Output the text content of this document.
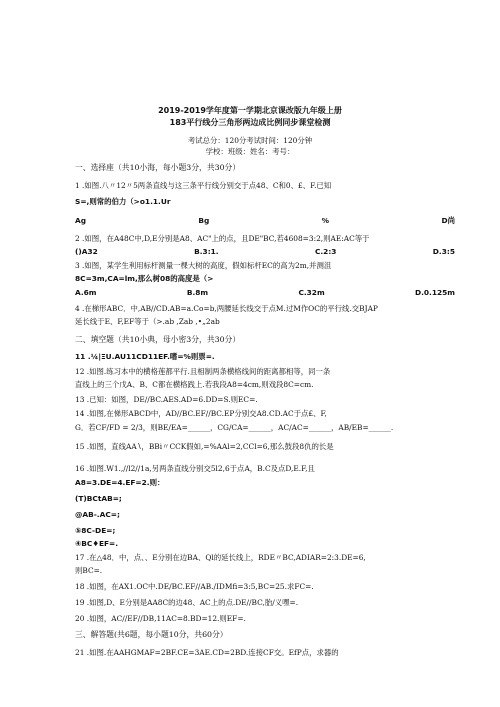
2019-2019学年度第一学期北京课改版九年级上册
183平行线分三角形两边成比例同步课堂检测
考试总分：120分考试时间：120分钟
学校：班级：姓名：考号：
一、选择座（共10小海，每小题3分，共30分）
1 .如图.八〃12〃5两条直线与这三条平行线分别交于点48、C和0、£、F.已知
S=,则常的伯力（>o1.1.Ur
Ag	Bg	%	D尚
2 .如图，在A48C中,D,E分别是A8、AC"上的点，且DE"BC,若4608=3:2,则AE:AC等于
()A32	B.3:1.	C.2:3	D.3:5
3 .如图，某学生利用标杆测量一棵大树的高度，假如标杆EC的高为2m,并测沮
8C=3m,CA=lm,那么树08的高度是（>
A.6m	B.8m	C.32m	D.0.125m
4 .在梯形ABC．中,AB//CD.AB=a.Co=b,两腰延长线交于点M.过M作OC的平行线.交BJAP
延长线于E、F,EF等于（>.ab ,Zab ,•„2ab
二、填空题（共10小典，母小密3分，共30分）
11 .¼|ΞU.AU11CD11EF.嗜=%则票=.
12 .如图.练习本中的横格莲都平行.且相制两条横格线间的距离都相等，同一条
直线上的三个戊A、B、C都在横格践上.若我段A8=4cm,则戏段8C=cm.
13 .已知：如图，DE//BC.AES.AD=6.DD=S.则EC=.
14 .如图,在悌形ABCD中，AD//BC.EF//BC.EP分别交A8.CD.AC于点£、F,
G．若CF/FD = 2/3，则BE/EA=______，CG/CA=______，AC/AC=______，AB/EB=______.
15 .如图，直线AA∖，BBi〃CCK假如,=%AAl=2,CCl=6,那么鼓段8仇的长是
16 .如图.W1.,//l2//1a,另两条直线分别交5l2,6于点A，B.C及点D,E.F,且
A8=3.DE=4.EF=2.则：
(T)BCtAB=;
@AB-.AC=;
⑤8C-DE=;
④BC♦EF=.
17 .在△48．中，点、、E分别在边BA、Ql的延长线上，RDE〃BC,ADIAR=2:3.DE=6,
则BC=.
18 .如图，在AX1.OC中.DE/BC.EF//AB./IDMfi=3:5,BC=25.求FC=.
19 .如图,D、E分别是AA8C的边48、AC上的点.DE//BC,胎/义嘿=.
20 .如图，AC//EF//DB,11AC=8.BD=12.则EF=.
三、解答题(共6题，每小题10分，共60分）
21 .如图.在AAHGMAF=2BF.CE=3AE.CD=2BD.连接CF交。EfP点，求器的
